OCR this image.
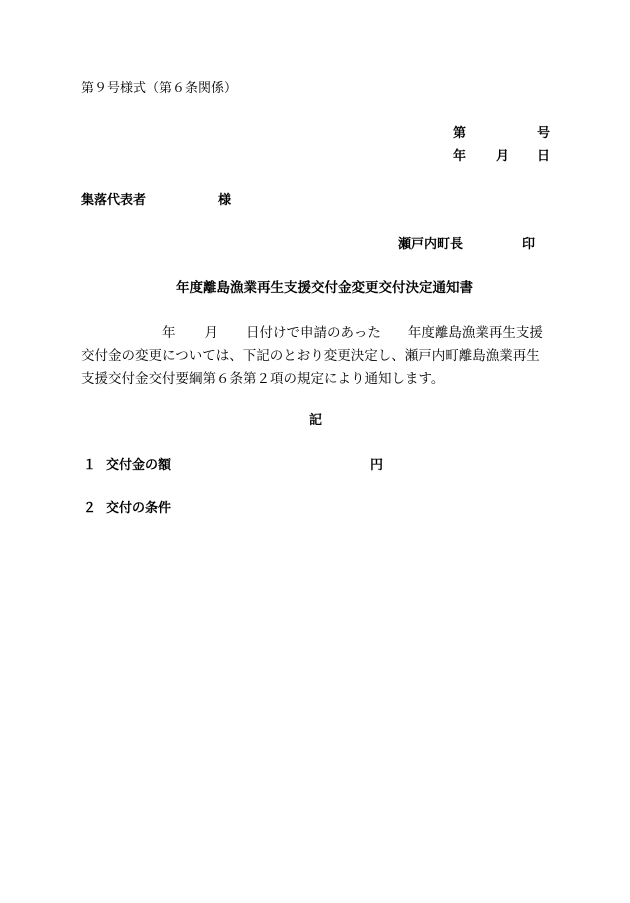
第９号様式（第６条関係）
第	号
年 月 日
集落代表者	様
瀬戸内町長	印
年度離島漁業再生支援交付金変更交付決定通知書

年 月 日付けで申請のあった　　年度離島漁業再生支援

交付金の変更については、下記のとおり変更決定し、瀬戸内町離島漁業再生

支援交付金交付要綱第６条第２項の規定により通知します。

記
１ 交付金の額	円
２ 交付の条件
